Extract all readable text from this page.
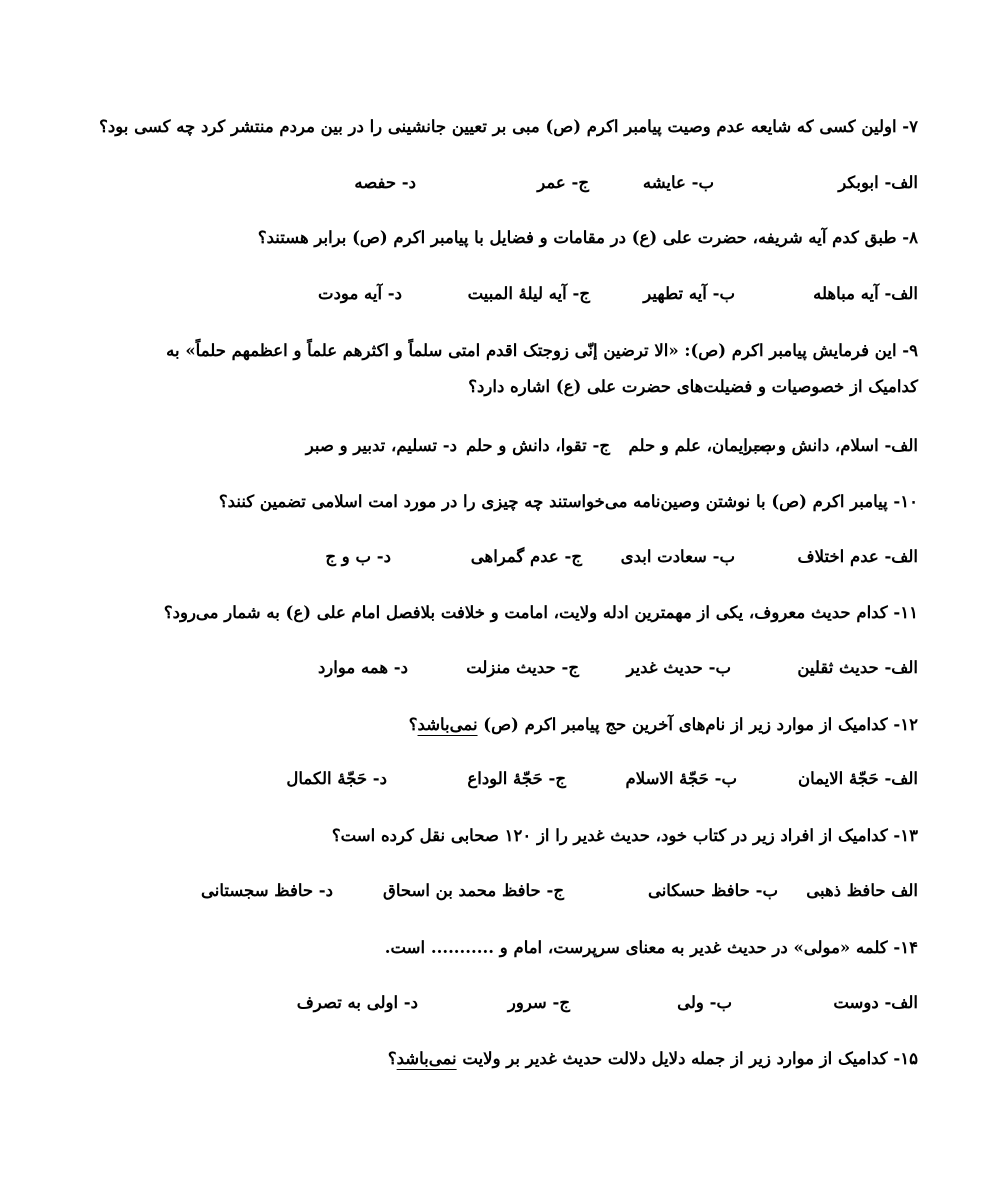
۷- اولین کسی که شایعه عدم وصیت پیامبر اکرم (ص) مبی بر تعیین جانشینی را در بین مردم منتشر کرد چه کسی بود؟
الف- ابوبکر
ب- عایشه
ج- عمر
د- حفصه
۸- طبق کدم آیه شریفه، حضرت علی (ع) در مقامات و فضایل با پیامبر اکرم (ص) برابر هستند؟
الف- آیه مباهله
ب- آیه تطهیر
ج- آیه لیلهٔ المبیت
د- آیه مودت
۹- این فرمایش پیامبر اکرم (ص): «الا ترضین إنّی زوجتک اقدم امتی سلماً و اکثرهم علماً و اعظمهم حلماً» به کدامیک از خصوصیات و فضیلت‌های حضرت علی (ع) اشاره دارد؟
الف- اسلام، دانش و صبر
ب- ایمان، علم و حلم
ج- تقوا، دانش و حلم
د- تسلیم، تدبیر و صبر
۱۰- پیامبر اکرم (ص) با نوشتن وصین‌نامه می‌خواستند چه چیزی را در مورد امت اسلامی تضمین کنند؟
الف- عدم اختلاف
ب- سعادت ابدی
ج- عدم گمراهی
د- ب و ج
۱۱- کدام حدیث معروف، یکی از مهمترین ادله ولایت، امامت و خلافت بلافصل امام علی (ع) به شمار می‌رود؟
الف- حدیث ثقلین
ب- حدیث غدیر
ج- حدیث منزلت
د- همه موارد
۱۲- کدامیک از موارد زیر از نام‌های آخرین حج پیامبر اکرم (ص) نمی‌باشد؟
الف- حَجّهٔ الایمان
ب- حَجّهٔ الاسلام
ج- حَجّهٔ الوداع
د- حَجّهٔ الکمال
۱۳- کدامیک از افراد زیر در کتاب خود، حدیث غدیر را از ۱۲۰ صحابی نقل کرده است؟
الف حافظ ذهبی
ب- حافظ حسکانی
ج- حافظ محمد بن اسحاق
د- حافظ سجستانی
۱۴- کلمه «مولی» در حدیث غدیر به معنای سرپرست، امام و ........... است.
الف- دوست
ب- ولی
ج- سرور
د- اولی به تصرف
۱۵- کدامیک از موارد زیر از جمله دلایل دلالت حدیث غدیر بر ولایت نمی‌باشد؟
